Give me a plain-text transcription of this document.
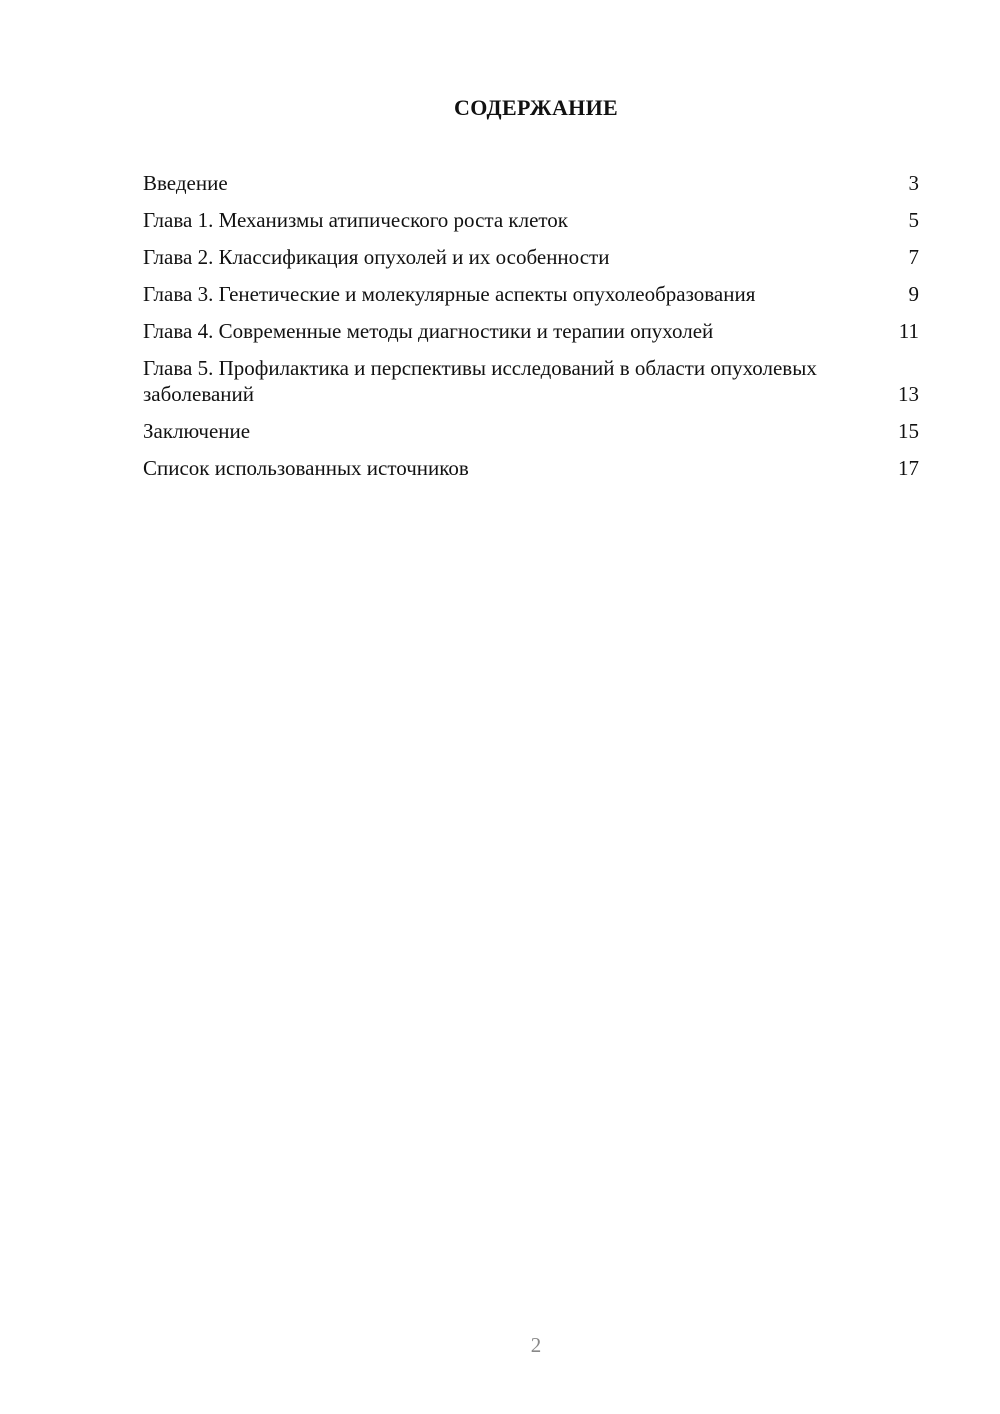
СОДЕРЖАНИЕ
Введение	3
Глава 1. Механизмы атипического роста клеток	5
Глава 2. Классификация опухолей и их особенности	7
Глава 3. Генетические и молекулярные аспекты опухолеобразования	9
Глава 4. Современные методы диагностики и терапии опухолей	11
Глава 5. Профилактика и перспективы исследований в области опухолевых заболеваний	13
Заключение	15
Список использованных источников	17
2
